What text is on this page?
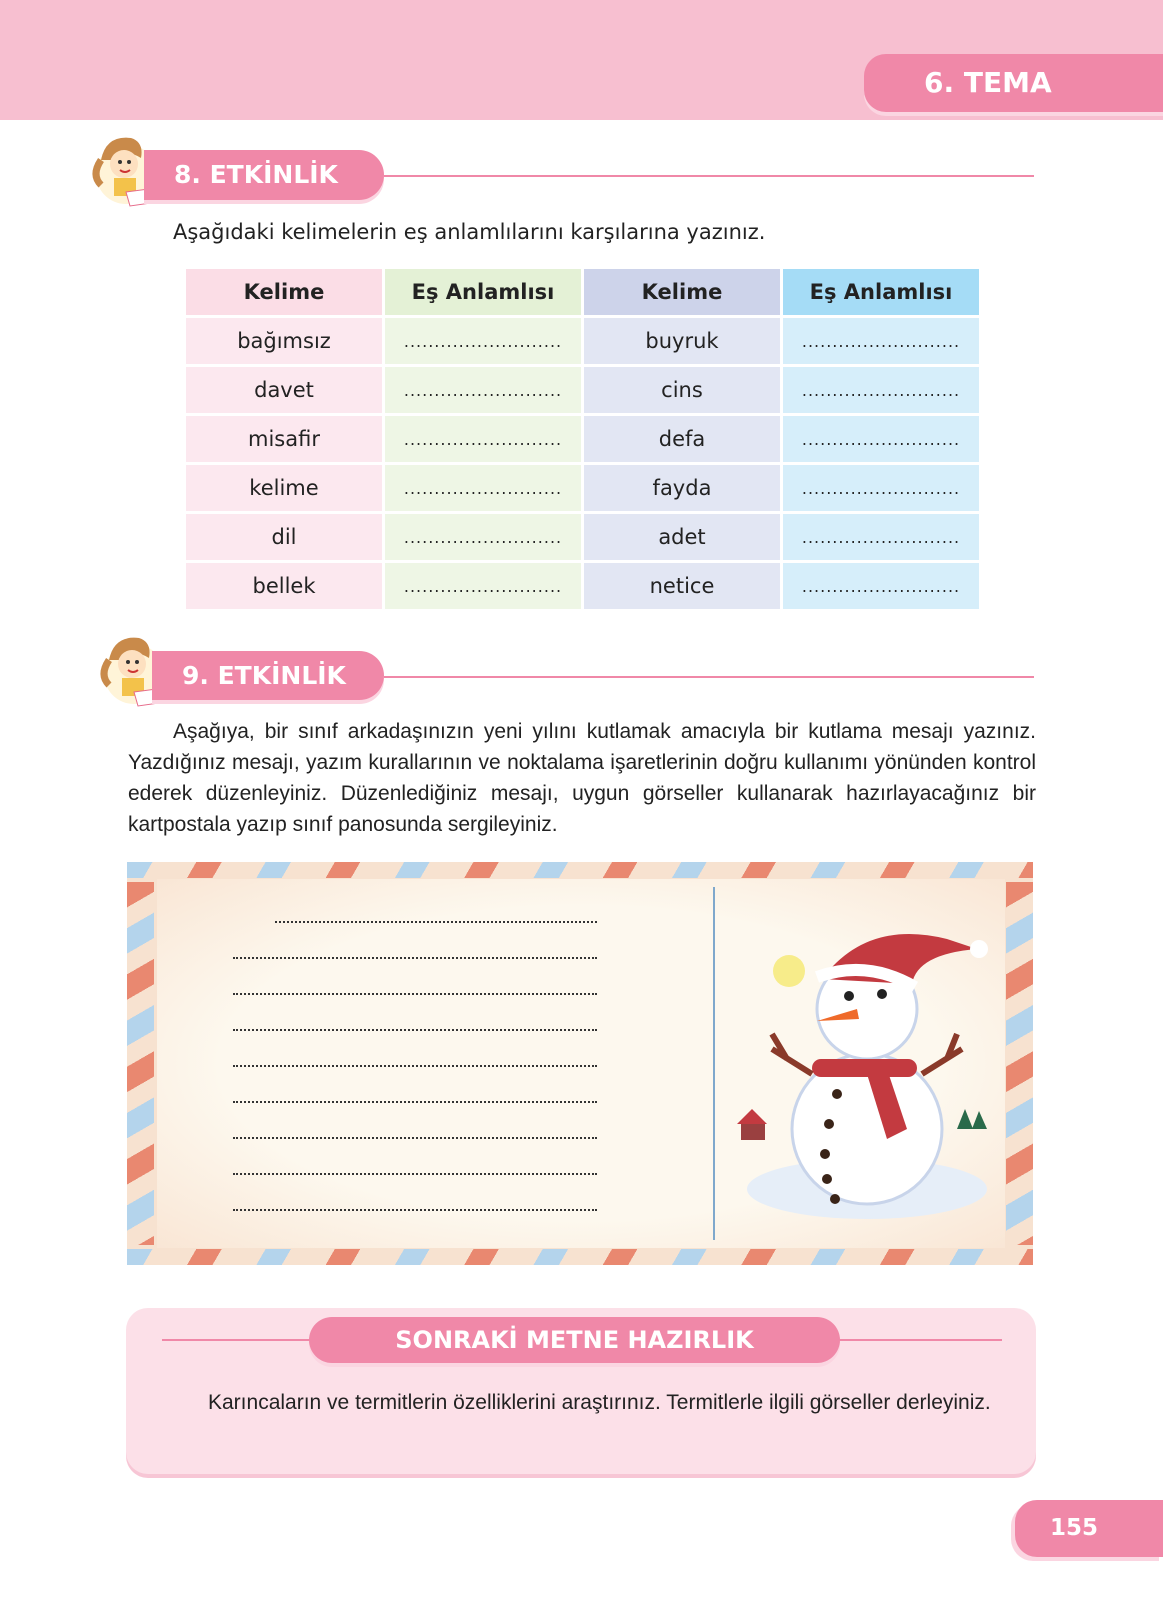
6. TEMA
8. ETKİNLİK
Aşağıdaki kelimelerin eş anlamlılarını karşılarına yazınız.
Kelime	Eş Anlamlısı	Kelime	Eş Anlamlısı
bağımsız	..........................	buyruk	..........................
davet	..........................	cins	..........................
misafir	..........................	defa	..........................
kelime	..........................	fayda	..........................
dil	..........................	adet	..........................
bellek	..........................	netice	..........................
9. ETKİNLİK
Aşağıya, bir sınıf arkadaşınızın yeni yılını kutlamak amacıyla bir kutlama mesajı yazınız. Yazdığınız mesajı, yazım kurallarının ve noktalama işaretlerinin doğru kullanımı yönünden kontrol ederek düzenleyiniz. Düzenlediğiniz mesajı, uygun görseller kullanarak hazırlayacağınız bir kartpostala yazıp sınıf panosunda sergileyiniz.
SONRAKİ METNE HAZIRLIK
Karıncaların ve termitlerin özelliklerini araştırınız. Termitlerle ilgili görseller derleyiniz.
155
